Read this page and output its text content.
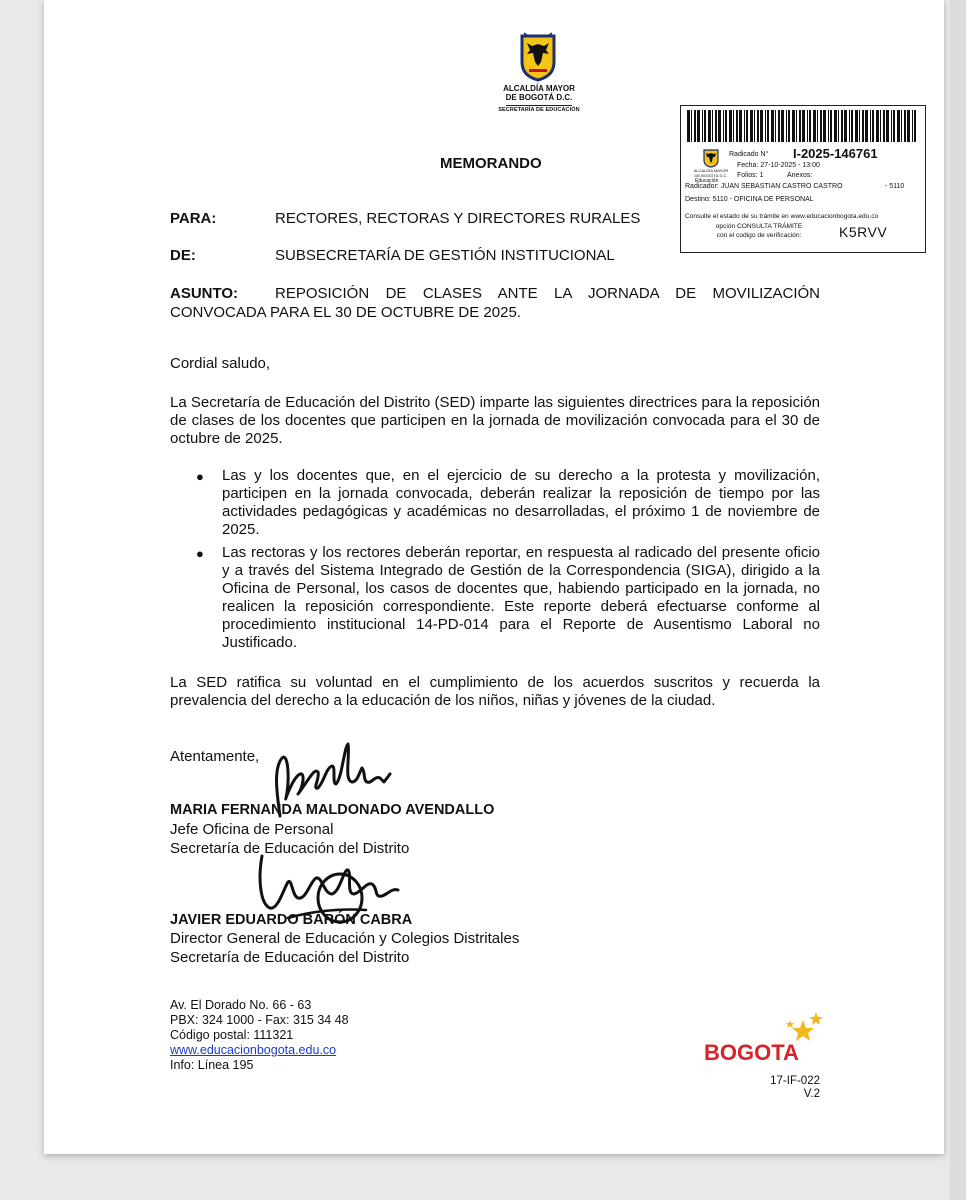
ALCALDÍA MAYOR
DE BOGOTÁ D.C.
SECRETARÍA DE EDUCACIÓN
ALCALDÍA MAYOR
DE BOGOTÁ D.C.
Educación
Radicado N° I-2025-146761
Fecha: 27-10-2025 - 13:00
Folios: 1	Anexos:
Radicador: JUAN SEBASTIAN CASTRO CASTRO	- 5110
Destino: 5110 - OFICINA DE PERSONAL
Consulte el estado de su trámite en www.educacionbogota.edu.co
opción CONSULTA TRÁMITE
con el codigo de verificación:	K5RVV
MEMORANDO
PARA:	RECTORES, RECTORAS Y DIRECTORES RURALES
DE:	SUBSECRETARÍA DE GESTIÓN INSTITUCIONAL
ASUNTO: REPOSICIÓN DE CLASES ANTE LA JORNADA DE MOVILIZACIÓN
CONVOCADA PARA EL 30 DE OCTUBRE DE 2025.
Cordial saludo,
La Secretaría de Educación del Distrito (SED) imparte las siguientes directrices para la reposición de clases de los docentes que participen en la jornada de movilización convocada para el 30 de octubre de 2025.
● Las y los docentes que, en el ejercicio de su derecho a la protesta y movilización, participen en la jornada convocada, deberán realizar la reposición de tiempo por las actividades pedagógicas y académicas no desarrolladas, el próximo 1 de noviembre de 2025.
● Las rectoras y los rectores deberán reportar, en respuesta al radicado del presente oficio y a través del Sistema Integrado de Gestión de la Correspondencia (SIGA), dirigido a la Oficina de Personal, los casos de docentes que, habiendo participado en la jornada, no realicen la reposición correspondiente. Este reporte deberá efectuarse conforme al procedimiento institucional 14-PD-014 para el Reporte de Ausentismo Laboral no Justificado.
La SED ratifica su voluntad en el cumplimiento de los acuerdos suscritos y recuerda la prevalencia del derecho a la educación de los niños, niñas y jóvenes de la ciudad.
Atentamente,
MARIA FERNANDA MALDONADO AVENDALLO
Jefe Oficina de Personal
Secretaría de Educación del Distrito
JAVIER EDUARDO BARÓN CABRA
Director General de Educación y Colegios Distritales
Secretaría de Educación del Distrito
Av. El Dorado No. 66 - 63
PBX: 324 1000 - Fax: 315 34 48
Código postal: 111321
www.educacionbogota.edu.co
Info: Línea 195	BOGOTA
17-IF-022
V.2
